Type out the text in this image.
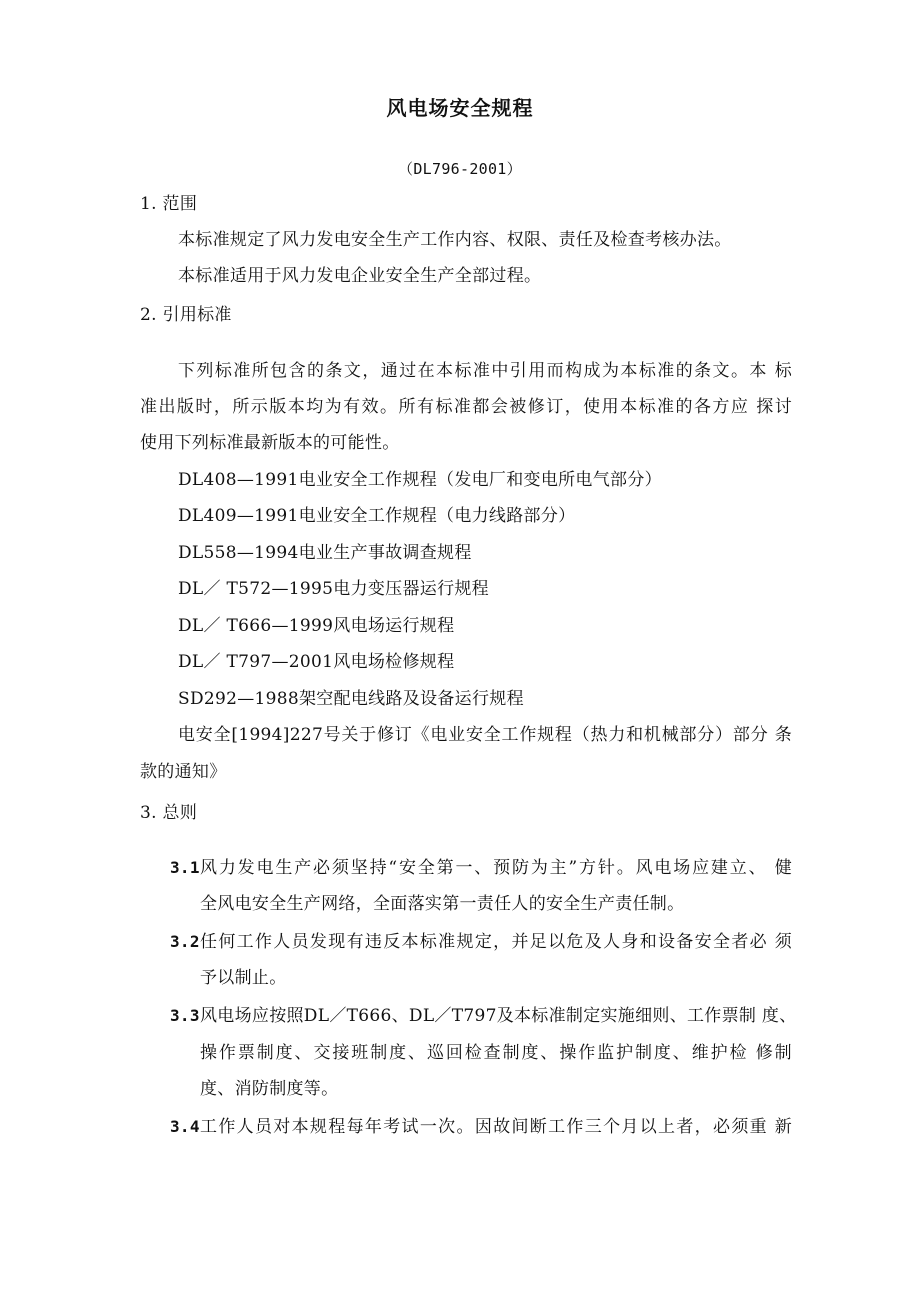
风电场安全规程
（DL796-2001）
1. 范围
本标准规定了风力发电安全生产工作内容、权限、责任及检查考核办法。
本标准适用于风力发电企业安全生产全部过程。
2. 引用标准
下列标准所包含的条文，通过在本标准中引用而构成为本标准的条文。本 标
准出版时，所示版本均为有效。所有标准都会被修订，使用本标准的各方应 探讨
使用下列标准最新版本的可能性。
DL408—1991电业安全工作规程（发电厂和变电所电气部分）
DL409—1991电业安全工作规程（电力线路部分）
DL558—1994电业生产事故调查规程
DL／ T572—1995电力变压器运行规程
DL／ T666—1999风电场运行规程
DL／ T797—2001风电场检修规程
SD292—1988架空配电线路及设备运行规程
电安全[1994]227号关于修订《电业安全工作规程（热力和机械部分）部分 条
款的通知》
3. 总则
3.1 风力发电生产必须坚持“安全第一、预防为主”方针。风电场应建立、 健
全风电安全生产网络，全面落实第一责任人的安全生产责任制。
3.2 任何工作人员发现有违反本标准规定，并足以危及人身和设备安全者必 须
予以制止。
3.3 风电场应按照DL／T666、DL／T797及本标准制定实施细则、工作票制 度、
操作票制度、交接班制度、巡回检查制度、操作监护制度、维护检 修制
度、消防制度等。
3.4 工作人员对本规程每年考试一次。因故间断工作三个月以上者，必须重 新
